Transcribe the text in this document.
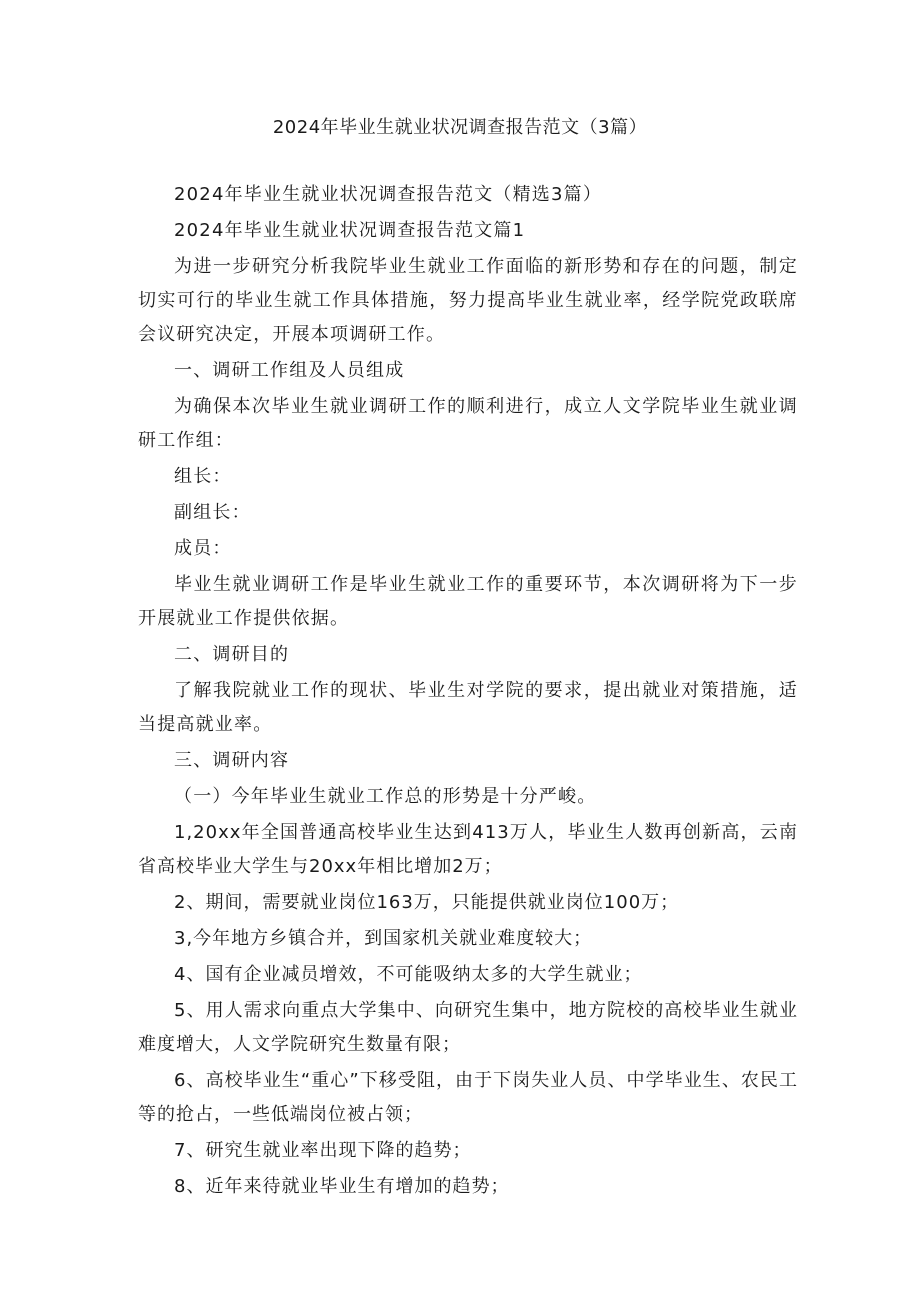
2024年毕业生就业状况调查报告范文（3篇）

2024年毕业生就业状况调查报告范文（精选3篇）

2024年毕业生就业状况调查报告范文篇1

为进一步研究分析我院毕业生就业工作面临的新形势和存在的问题，制定切实可行的毕业生就工作具体措施，努力提高毕业生就业率，经学院党政联席会议研究决定，开展本项调研工作。

一、调研工作组及人员组成

为确保本次毕业生就业调研工作的顺利进行，成立人文学院毕业生就业调研工作组：

组长：

副组长：

成员：

毕业生就业调研工作是毕业生就业工作的重要环节，本次调研将为下一步开展就业工作提供依据。

二、调研目的

了解我院就业工作的现状、毕业生对学院的要求，提出就业对策措施，适当提高就业率。

三、调研内容

（一）今年毕业生就业工作总的形势是十分严峻。

1,20xx年全国普通高校毕业生达到413万人，毕业生人数再创新高，云南省高校毕业大学生与20xx年相比增加2万；

2、期间，需要就业岗位163万，只能提供就业岗位100万；

3,今年地方乡镇合并，到国家机关就业难度较大；

4、国有企业减员增效，不可能吸纳太多的大学生就业；

5、用人需求向重点大学集中、向研究生集中，地方院校的高校毕业生就业难度增大，人文学院研究生数量有限；

6、高校毕业生“重心”下移受阻，由于下岗失业人员、中学毕业生、农民工等的抢占，一些低端岗位被占领；

7、研究生就业率出现下降的趋势；

8、近年来待就业毕业生有增加的趋势；
